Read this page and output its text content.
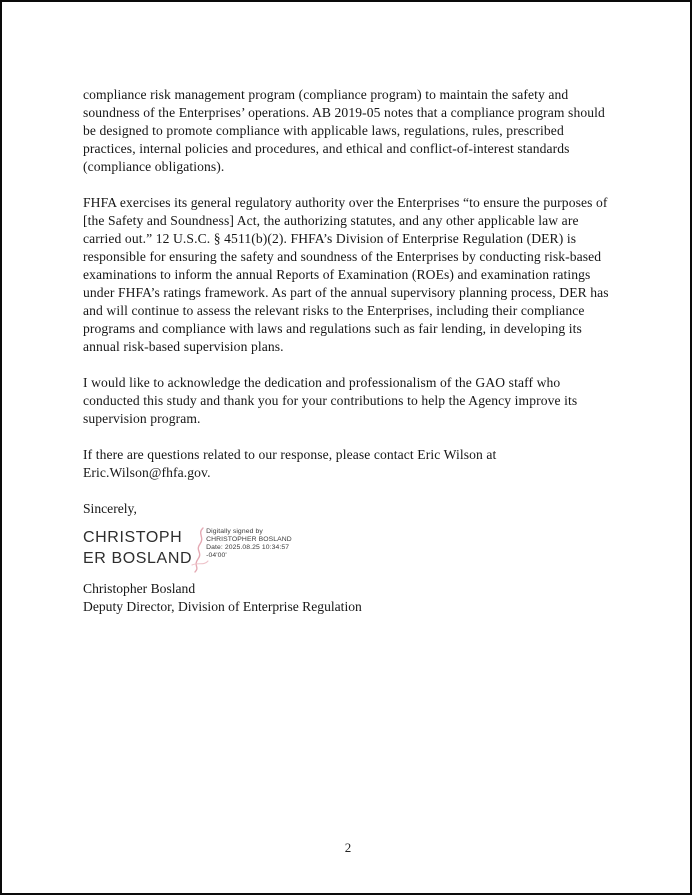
compliance risk management program (compliance program) to maintain the safety and soundness of the Enterprises’ operations. AB 2019-05 notes that a compliance program should be designed to promote compliance with applicable laws, regulations, rules, prescribed practices, internal policies and procedures, and ethical and conflict-of-interest standards (compliance obligations).

FHFA exercises its general regulatory authority over the Enterprises “to ensure the purposes of [the Safety and Soundness] Act, the authorizing statutes, and any other applicable law are carried out.” 12 U.S.C. § 4511(b)(2). FHFA’s Division of Enterprise Regulation (DER) is responsible for ensuring the safety and soundness of the Enterprises by conducting risk-based examinations to inform the annual Reports of Examination (ROEs) and examination ratings under FHFA’s ratings framework. As part of the annual supervisory planning process, DER has and will continue to assess the relevant risks to the Enterprises, including their compliance programs and compliance with laws and regulations such as fair lending, in developing its annual risk-based supervision plans.

I would like to acknowledge the dedication and professionalism of the GAO staff who conducted this study and thank you for your contributions to help the Agency improve its supervision program.

If there are questions related to our response, please contact Eric Wilson at Eric.Wilson@fhfa.gov.

Sincerely,

CHRISTOPH
ER BOSLAND
Digitally signed by
CHRISTOPHER BOSLAND
Date: 2025.08.25 10:34:57
-04'00'
Christopher Bosland
Deputy Director, Division of Enterprise Regulation
2
